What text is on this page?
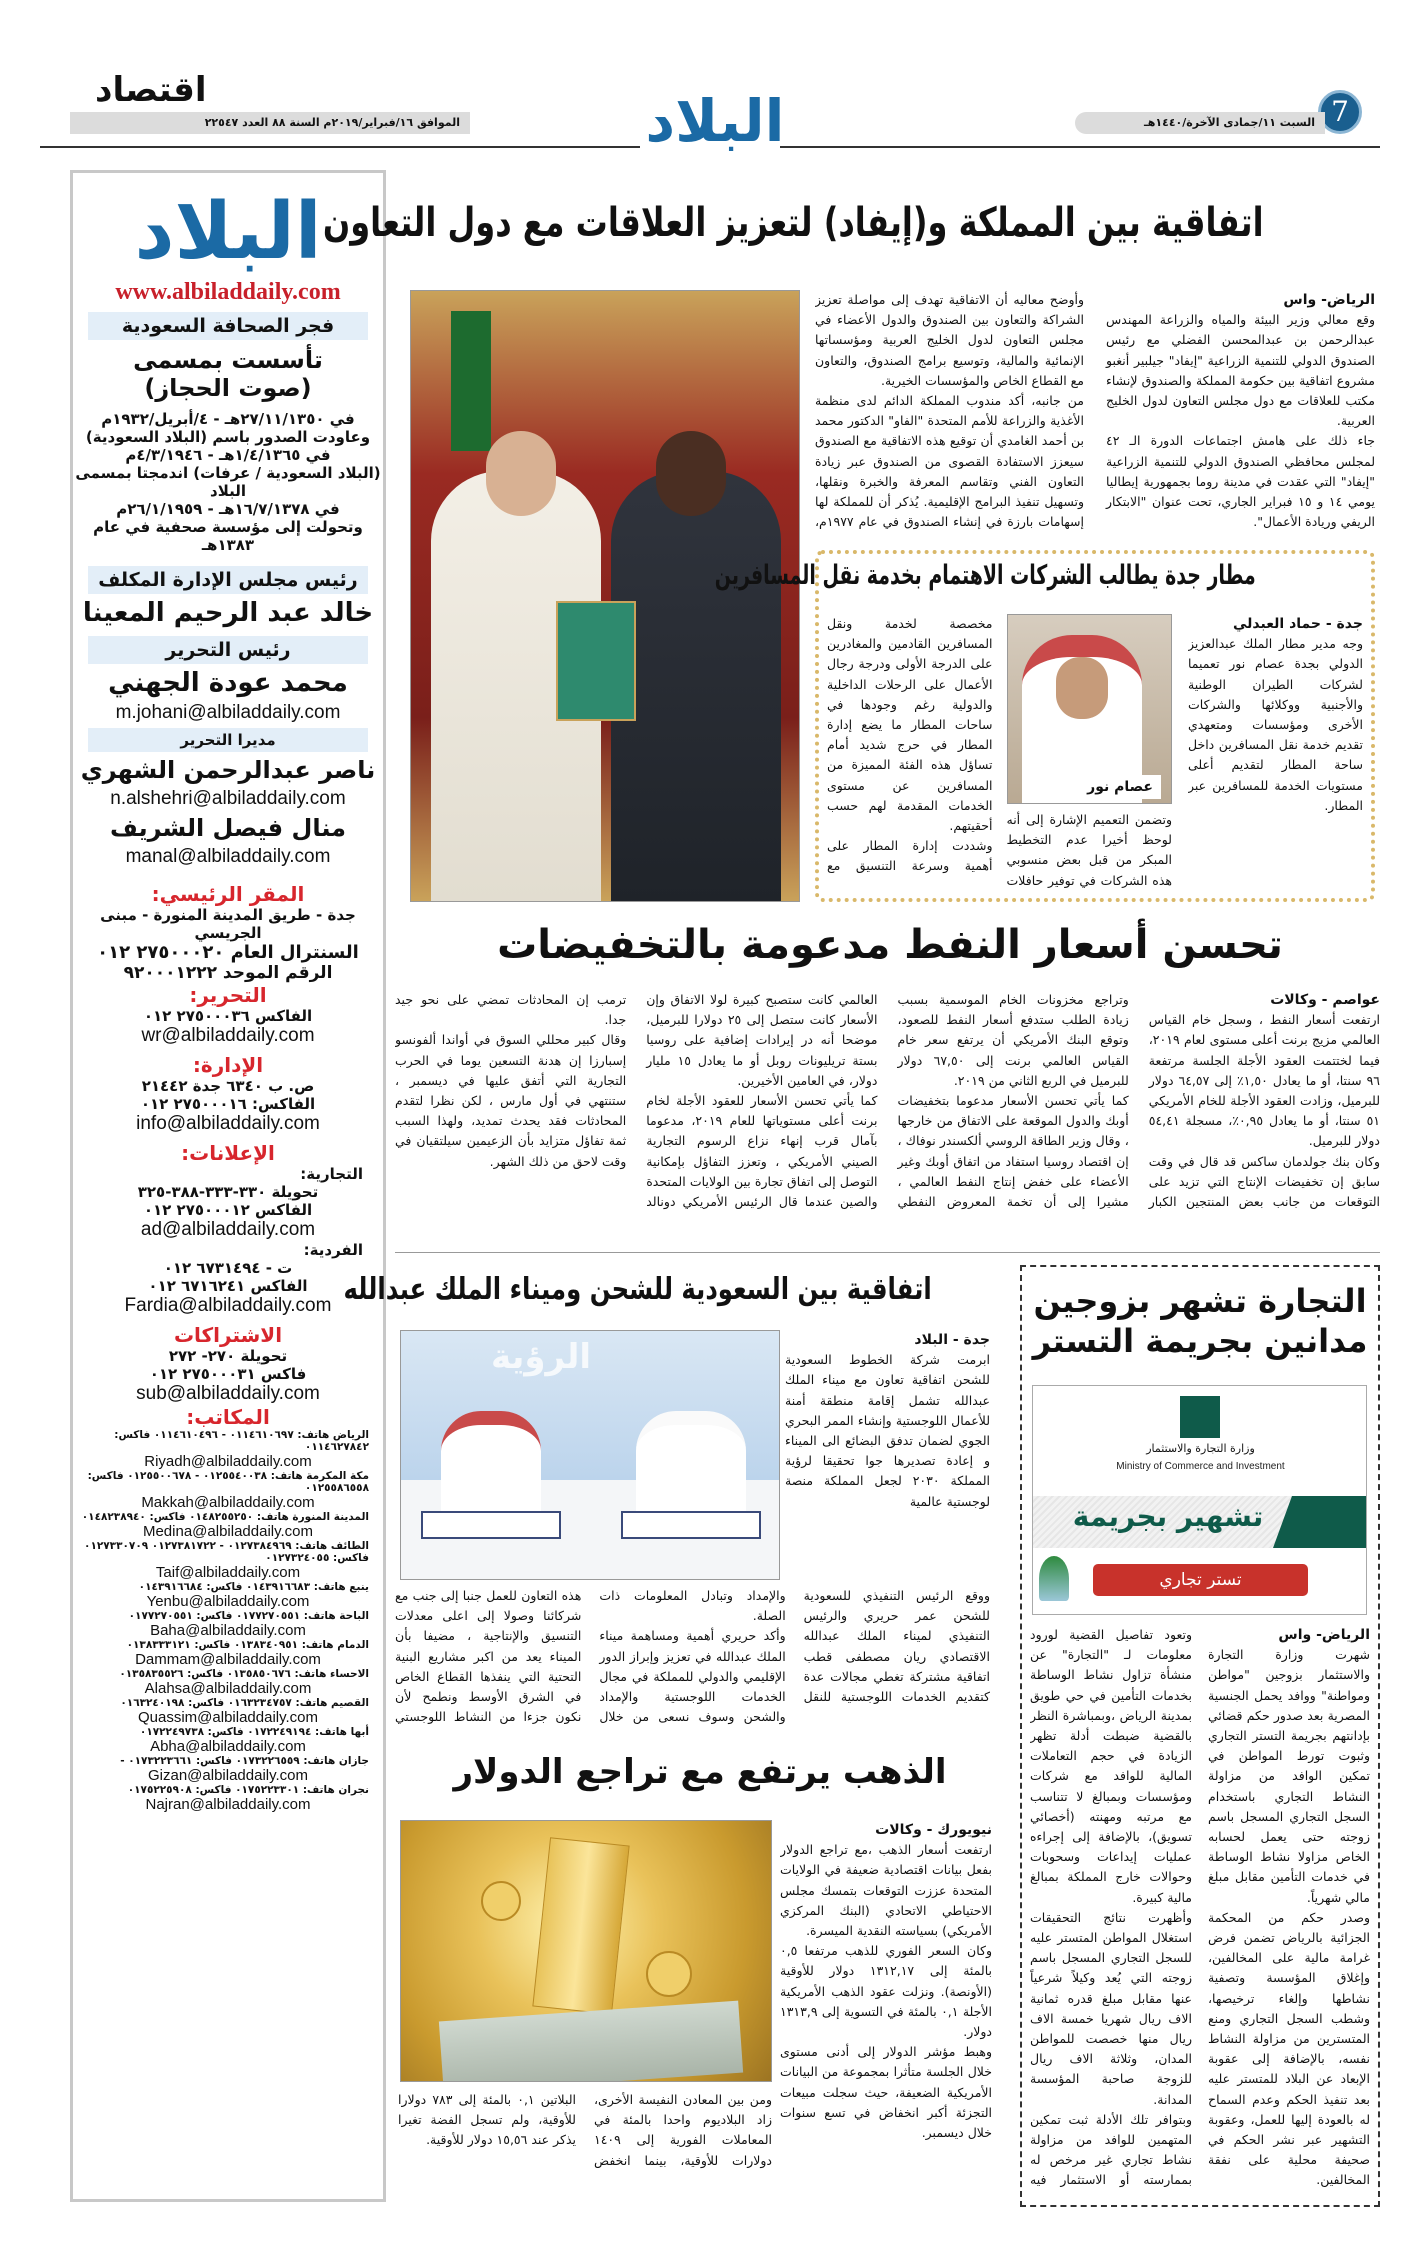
7
السبت ١١/جمادى الآخرة/١٤٤٠هـ
الموافق ١٦/فبراير/٢٠١٩م السنة ٨٨ العدد ٢٢٥٤٧
اقتصاد	البلاد
البلاد
www.albiladdaily.com
فجر الصحافة السعودية
تأسست بمسمى
(صوت الحجاز)
في ٢٧/١١/١٣٥٠هـ - ٤/أبريل/١٩٣٢م
وعاودت الصدور باسم (البلاد السعودية)
في ١/٤/١٣٦٥هـ - ٤/٣/١٩٤٦م
(البلاد السعودية / عرفات) اندمجتا بمسمى البلاد
في ١٦/٧/١٣٧٨هـ - ٢٦/١/١٩٥٩م
وتحولت إلى مؤسسة صحفية في عام ١٣٨٣هـ
رئيس مجلس الإدارة المكلف
خالد عبد الرحيم المعينا
رئيس التحرير
محمد عودة الجهني
m.johani@albiladdaily.com
مديرا التحرير
ناصر عبدالرحمن الشهري
n.alshehri@albiladdaily.com
منال فيصل الشريف
manal@albiladdaily.com
المقر الرئيسي:
جدة - طريق المدينة المنورة - مبنى الجريسي
السنترال العام ٢٧٥٠٠٠٢٠ ٠١٢
الرقم الموحد ٩٢٠٠٠١٢٢٢
التحرير:
الفاكس ٢٧٥٠٠٠٣٦ ٠١٢
wr@albiladdaily.com
الإدارة:
ص. ب ٦٣٤٠ جدة ٢١٤٤٢
الفاكس: ٢٧٥٠٠٠١٦ ٠١٢
info@albiladdaily.com
الإعلانات:
التجارية:
تحويلة ٣٣٠-٣٣٣-٣٨٨-٣٢٥
الفاكس ٢٧٥٠٠٠١٢ ٠١٢
ad@albiladdaily.com
الفردية:
ت - ٦٧٣١٤٩٤ ٠١٢
الفاكس ٦٧١٦٢٤١ ٠١٢
Fardia@albiladdaily.com
الاشتراكات
تحويلة ٢٧٠- ٢٧٢
فاكس ٢٧٥٠٠٠٣١ ٠١٢
sub@albiladdaily.com
المكاتب:
الرياض هاتف: ٠١١٤٦١٠٦٩٧ - ٠١١٤٦١٠٤٩٦ فاكس: ٠١١٤٦٢٧٨٤٢
Riyadh@albiladdaily.com
مكة المكرمة هاتف: ٠١٢٥٥٤٠٠٣٨ - ٠١٢٥٥٠٠٦٧٨ فاكس: ٠١٢٥٥٨٦٥٥٨
Makkah@albiladdaily.com
المدينة المنورة هاتف: ٠١٤٨٢٥٥٢٥٠ فاكس: ٠١٤٨٢٣٨٩٤٠
Medina@albiladdaily.com
الطائف هاتف: ٠١٢٧٣٨٤٩٦٩ - ٠١٢٧٣٨١٧٢٢ ٠١٢٧٣٣٠٧٠٩ فاكس: ٠١٢٧٣٢٤٠٥٥
Taif@albiladdaily.com
ينبع هاتف: ٠١٤٣٩١٦٦٨٣ فاكس: ٠١٤٣٩١٦٦٨٤
Yenbu@albiladdaily.com
الباحة هاتف: ٠١٧٧٢٧٠٥٥١ فاكس: ٠١٧٧٢٧٠٥٥١
Baha@albiladdaily.com
الدمام هاتف: ٠١٣٨٣٤٠٩٥١ فاكس: ٠١٣٨٣٣٣١٢١
Dammam@albiladdaily.com
الاحساء هاتف: ٠١٣٥٨٥٠٦٧٦ فاكس: ٠١٣٥٨٣٥٥٢٦
Alahsa@albiladdaily.com
القصيم هاتف: ٠١٦٣٢٣٤٧٥٧ فاكس: ٠١٦٣٢٤٠١٩٨
Quassim@albiladdaily.com
أبها هاتف: ٠١٧٢٢٤٩١٩٤ فاكس: ٠١٧٢٢٤٩٧٣٨
Abha@albiladdaily.com
جازان هاتف: ٠١٧٣٢٢٦٥٥٩ فاكس: ٠١٧٣٢٢٣٦٦١ -
Gizan@albiladdaily.com
نجران هاتف: ٠١٧٥٢٢٣٣٠١ فاكس: ٠١٧٥٢٢٥٩٠٨
Najran@albiladdaily.com
اتفاقية بين المملكة و(إيفاد) لتعزيز العلاقات مع دول التعاون

الرياض- واس

وقع معالي وزير البيئة والمياه والزراعة المهندس عبدالرحمن بن عبدالمحسن الفضلي مع رئيس الصندوق الدولي للتنمية الزراعية "إيفاد" جيلبير أنغبو مشروع اتفاقية بين حكومة المملكة والصندوق لإنشاء مكتب للعلاقات مع دول مجلس التعاون لدول الخليج العربية.

جاء ذلك على هامش اجتماعات الدورة الـ ٤٢ لمجلس محافظي الصندوق الدولي للتنمية الزراعية "إيفاد" التي عقدت في مدينة روما بجمهورية إيطاليا يومي ١٤ و ١٥ فبراير الجاري، تحت عنوان "الابتكار الريفي وريادة الأعمال".

وأوضح معاليه أن الاتفاقية تهدف إلى مواصلة تعزيز الشراكة والتعاون بين الصندوق والدول الأعضاء في مجلس التعاون لدول الخليج العربية ومؤسساتها الإنمائية والمالية، وتوسيع برامج الصندوق، والتعاون مع القطاع الخاص والمؤسسات الخيرية.

من جانبه، أكد مندوب المملكة الدائم لدى منظمة الأغذية والزراعة للأمم المتحدة "الفاو" الدكتور محمد بن أحمد الغامدي أن توقيع هذه الاتفاقية مع الصندوق سيعزز الاستفادة القصوى من الصندوق عبر زيادة التعاون الفني وتقاسم المعرفة والخبرة ونقلها، وتسهيل تنفيذ البرامج الإقليمية. يُذكر أن للمملكة لها إسهامات بارزة في إنشاء الصندوق في عام ١٩٧٧م،

مطار جدة يطالب الشركات الاهتمام بخدمة نقل المسافرين

جدة - حماد العبدلي

وجه مدير مطار الملك عبدالعزيز الدولي بجدة عصام نور تعميما لشركات الطيران الوطنية والأجنبية ووكلائها والشركات الأخرى ومؤسسات ومتعهدي تقديم خدمة نقل المسافرين داخل ساحة المطار لتقديم أعلى مستويات الخدمة للمسافرين عبر المطار.

عصام نور

وتضمن التعميم الإشارة إلى أنه لوحظ أخيرا عدم التخطيط المبكر من قبل بعض منسوبي هذه الشركات في توفير حافلات مخصصة لخدمة ونقل المسافرين القادمين والمغادرين على الدرجة الأولى ودرجة رجال الأعمال على الرحلات الداخلية والدولية رغم وجودها في ساحات المطار ما يضع إدارة المطار في حرج شديد أمام تساؤل هذه الفئة المميزة من المسافرين عن مستوى الخدمات المقدمة لهم حسب أحقيتهم.

وشددت إدارة المطار على أهمية وسرعة التنسيق مع

تحسن أسعار النفط مدعومة بالتخفيضات

عواصم - وكالات

ارتفعت أسعار النفط ، وسجل خام القياس العالمي مزيج برنت أعلى مستوى لعام ٢٠١٩، فيما لختتمت العقود الأجلة الجلسة مرتفعة ٩٦ سنتا، أو ما يعادل ١,٥٠٪ إلى ٦٤,٥٧ دولار للبرميل، وزادت العقود الأجلة للخام الأمريكي ٥١ سنتا، أو ما يعادل ٠,٩٥٪، مسجلة ٥٤,٤١ دولار للبرميل.

وكان بنك جولدمان ساكس قد قال في وقت سابق إن تخفيضات الإنتاج التي تزيد على التوقعات من جانب بعض المنتجين الكبار وتراجع مخزونات الخام الموسمية بسبب زيادة الطلب ستدفع أسعار النفط للصعود، وتوقع البنك الأمريكي أن يرتفع سعر خام القياس العالمي برنت إلى ٦٧,٥٠ دولار للبرميل في الربع الثاني من ٢٠١٩.

كما يأتي تحسن الأسعار مدعوما بتخفيضات أوبك والدول الموقعة على الاتفاق من خارجها ، وقال وزير الطاقة الروسي ألكسندر نوفاك ، إن اقتصاد روسيا استفاد من اتفاق أوبك وغير الأعضاء على خفض إنتاج النفط العالمي ، مشيرا إلى أن تخمة المعروض النفطي العالمي كانت ستصبح كبيرة لولا الاتفاق وإن الأسعار كانت ستصل إلى ٢٥ دولارا للبرميل، موضحا أنه در إيرادات إضافية على روسيا بستة تريليونات روبل أو ما يعادل ١٥ مليار دولار، في العامين الأخيرين.

كما يأتي تحسن الأسعار للعقود الأجلة لخام برنت أعلى مستوياتها للعام ٢٠١٩، مدعوما بآمال قرب إنهاء نزاع الرسوم التجارية الصيني الأمريكي ، وتعزز التفاؤل بإمكانية التوصل إلى اتفاق تجارة بين الولايات المتحدة والصين عندما قال الرئيس الأمريكي دونالد ترمب إن المحادثات تمضي على نحو جيد جدا.

وقال كبير محللي السوق في أواندا ألفونسو إسبارزا إن هدنة التسعين يوما في الحرب التجارية التي أتفق عليها في ديسمبر ، ستنتهي في أول مارس ، لكن نظرا لتقدم المحادثات فقد يحدث تمديد، ولهذا السبب ثمة تفاؤل متزايد بأن الزعيمين سيلتقيان في وقت لاحق من ذلك الشهر.

اتفاقية بين السعودية للشحن وميناء الملك عبدالله
الرؤية	جدة - البلاد

ابرمت شركة الخطوط السعودية للشحن اتفاقية تعاون مع ميناء الملك عبدالله تشمل إقامة منطقة أمنة للأعمال اللوجستية وإنشاء الممر البحري الجوي لضمان تدفق البضائع الى الميناء و إعادة تصديرها جوا تحقيقا لرؤية المملكة ٢٠٣٠ لجعل المملكة منصة لوجستية عالمية

ووقع الرئيس التنفيذي للسعودية للشحن عمر حريري والرئيس التنفيذي لميناء الملك عبدالله الاقتصادي ريان مصطفى قطب اتفاقية مشتركة تغطي مجالات عدة كتقديم الخدمات اللوجستية للنقل والإمداد وتبادل المعلومات ذات الصلة.

وأكد حريري أهمية ومساهمة ميناء الملك عبدالله في تعزيز وإبراز الدور الإقليمي والدولي للمملكة في مجال الخدمات اللوجستية والإمداد والشحن وسوف نسعى من خلال هذه التعاون للعمل جنبا إلى جنب مع شركائنا وصولا إلى اعلى معدلات التنسيق والإنتاجية ، مضيفا بأن الميناء يعد من اكبر مشاريع البنية التحتية التي ينفذها القطاع الخاص في الشرق الأوسط ونطمح لأن نكون جزءا من النشاط اللوجستي

التجارة تشهر بزوجين
مدانين بجريمة التستر
وزارة التجارة والاستثمار
Ministry of Commerce and Investment
تشهير بجريمة
تستر تجاري

الرياض- واس

شهرت وزارة التجارة والاستثمار بزوجين "مواطن ومواطنة" ووافد يحمل الجنسية المصرية بعد صدور حكم قضائي بإدانتهم بجريمة التستر التجاري وثبوت تورط المواطن في تمكين الوافد من مزاولة النشاط التجاري باستخدام السجل التجاري المسجل باسم زوجته حتى يعمل لحسابه الخاص مزاولا نشاط الوساطة في خدمات التأمين مقابل مبلغ مالي شهرياً.

وصدر حكم من المحكمة الجزائية بالرياض تضمن فرض غرامة مالية على المخالفين، وإغلاق المؤسسة وتصفية نشاطها وإلغاء ترخيصها، وشطب السجل التجاري ومنع المتسترين من مزاولة النشاط نفسه، بالإضافة إلى عقوبة الإبعاد عن البلاد للمتستر عليه بعد تنفيذ الحكم وعدم السماح له بالعودة إليها للعمل، وعقوبة التشهير عبر نشر الحكم في صحيفة محلية على نفقة المخالفين.

وتعود تفاصيل القضية لورود معلومات لـ "التجارة" عن منشأة تزاول نشاط الوساطة بخدمات التأمين في حي طويق بمدينة الرياض ،وبمباشرة النظر بالقضية ضبطت أدلة تظهر الزيادة في حجم التعاملات المالية للوافد مع شركات ومؤسسات وبمبالغ لا تتناسب مع مرتبه ومهنته (أخصائي تسويق)، بالإضافة إلى إجراءه عمليات إيداعات وسحوبات وحوالات خارج المملكة بمبالغ مالية كبيرة.

وأظهرت نتائج التحقيقات استغلال المواطن المتستر عليه للسجل التجاري المسجل باسم زوجته التي يُعد وكيلاً شرعياً عنها مقابل مبلغ قدره ثمانية الاف ريال شهريا خمسة الاف ريال منها خصصت للمواطن المدان، وثلاثة الاف ريال للزوجة صاحبة المؤسسة المدانة.

وبتوافر تلك الأدلة ثبت تمكين المتهمين للوافد من مزاولة نشاط تجاري غير مرخص له بممارسته أو الاستثمار فيه

الذهب يرتفع مع تراجع الدولار

نيويورك - وكالات

ارتفعت أسعار الذهب ،مع تراجع الدولار بفعل بيانات اقتصادية ضعيفة في الولايات المتحدة عززت التوقعات بتمسك مجلس الاحتياطي الاتحادي (البنك المركزي الأمريكي) بسياسته النقدية الميسرة.

وكان السعر الفوري للذهب مرتفعا ٠,٥ بالمئة إلى ١٣١٢,١٧ دولار للأوقية (الأونصة). ونزلت عقود الذهب الأمريكية الأجلة ٠,١ بالمئة في التسوية إلى ١٣١٣,٩ دولار.

وهبط مؤشر الدولار إلى أدنى مستوى خلال الجلسة متأثرا بمجموعة من البيانات الأمريكية الضعيفة، حيث سجلت مبيعات التجزئة أكبر انخفاض في تسع سنوات خلال ديسمبر.

ومن بين المعادن النفيسة الأخرى، زاد البلاديوم واحدا بالمئة في المعاملات الفورية إلى ١٤٠٩ دولارات للأوقية، بينما انخفض البلاتين ٠,١ بالمئة إلى ٧٨٣ دولارا للأوقية، ولم تسجل الفضة تغيرا يذكر عند ١٥,٥٦ دولار للأوقية.
